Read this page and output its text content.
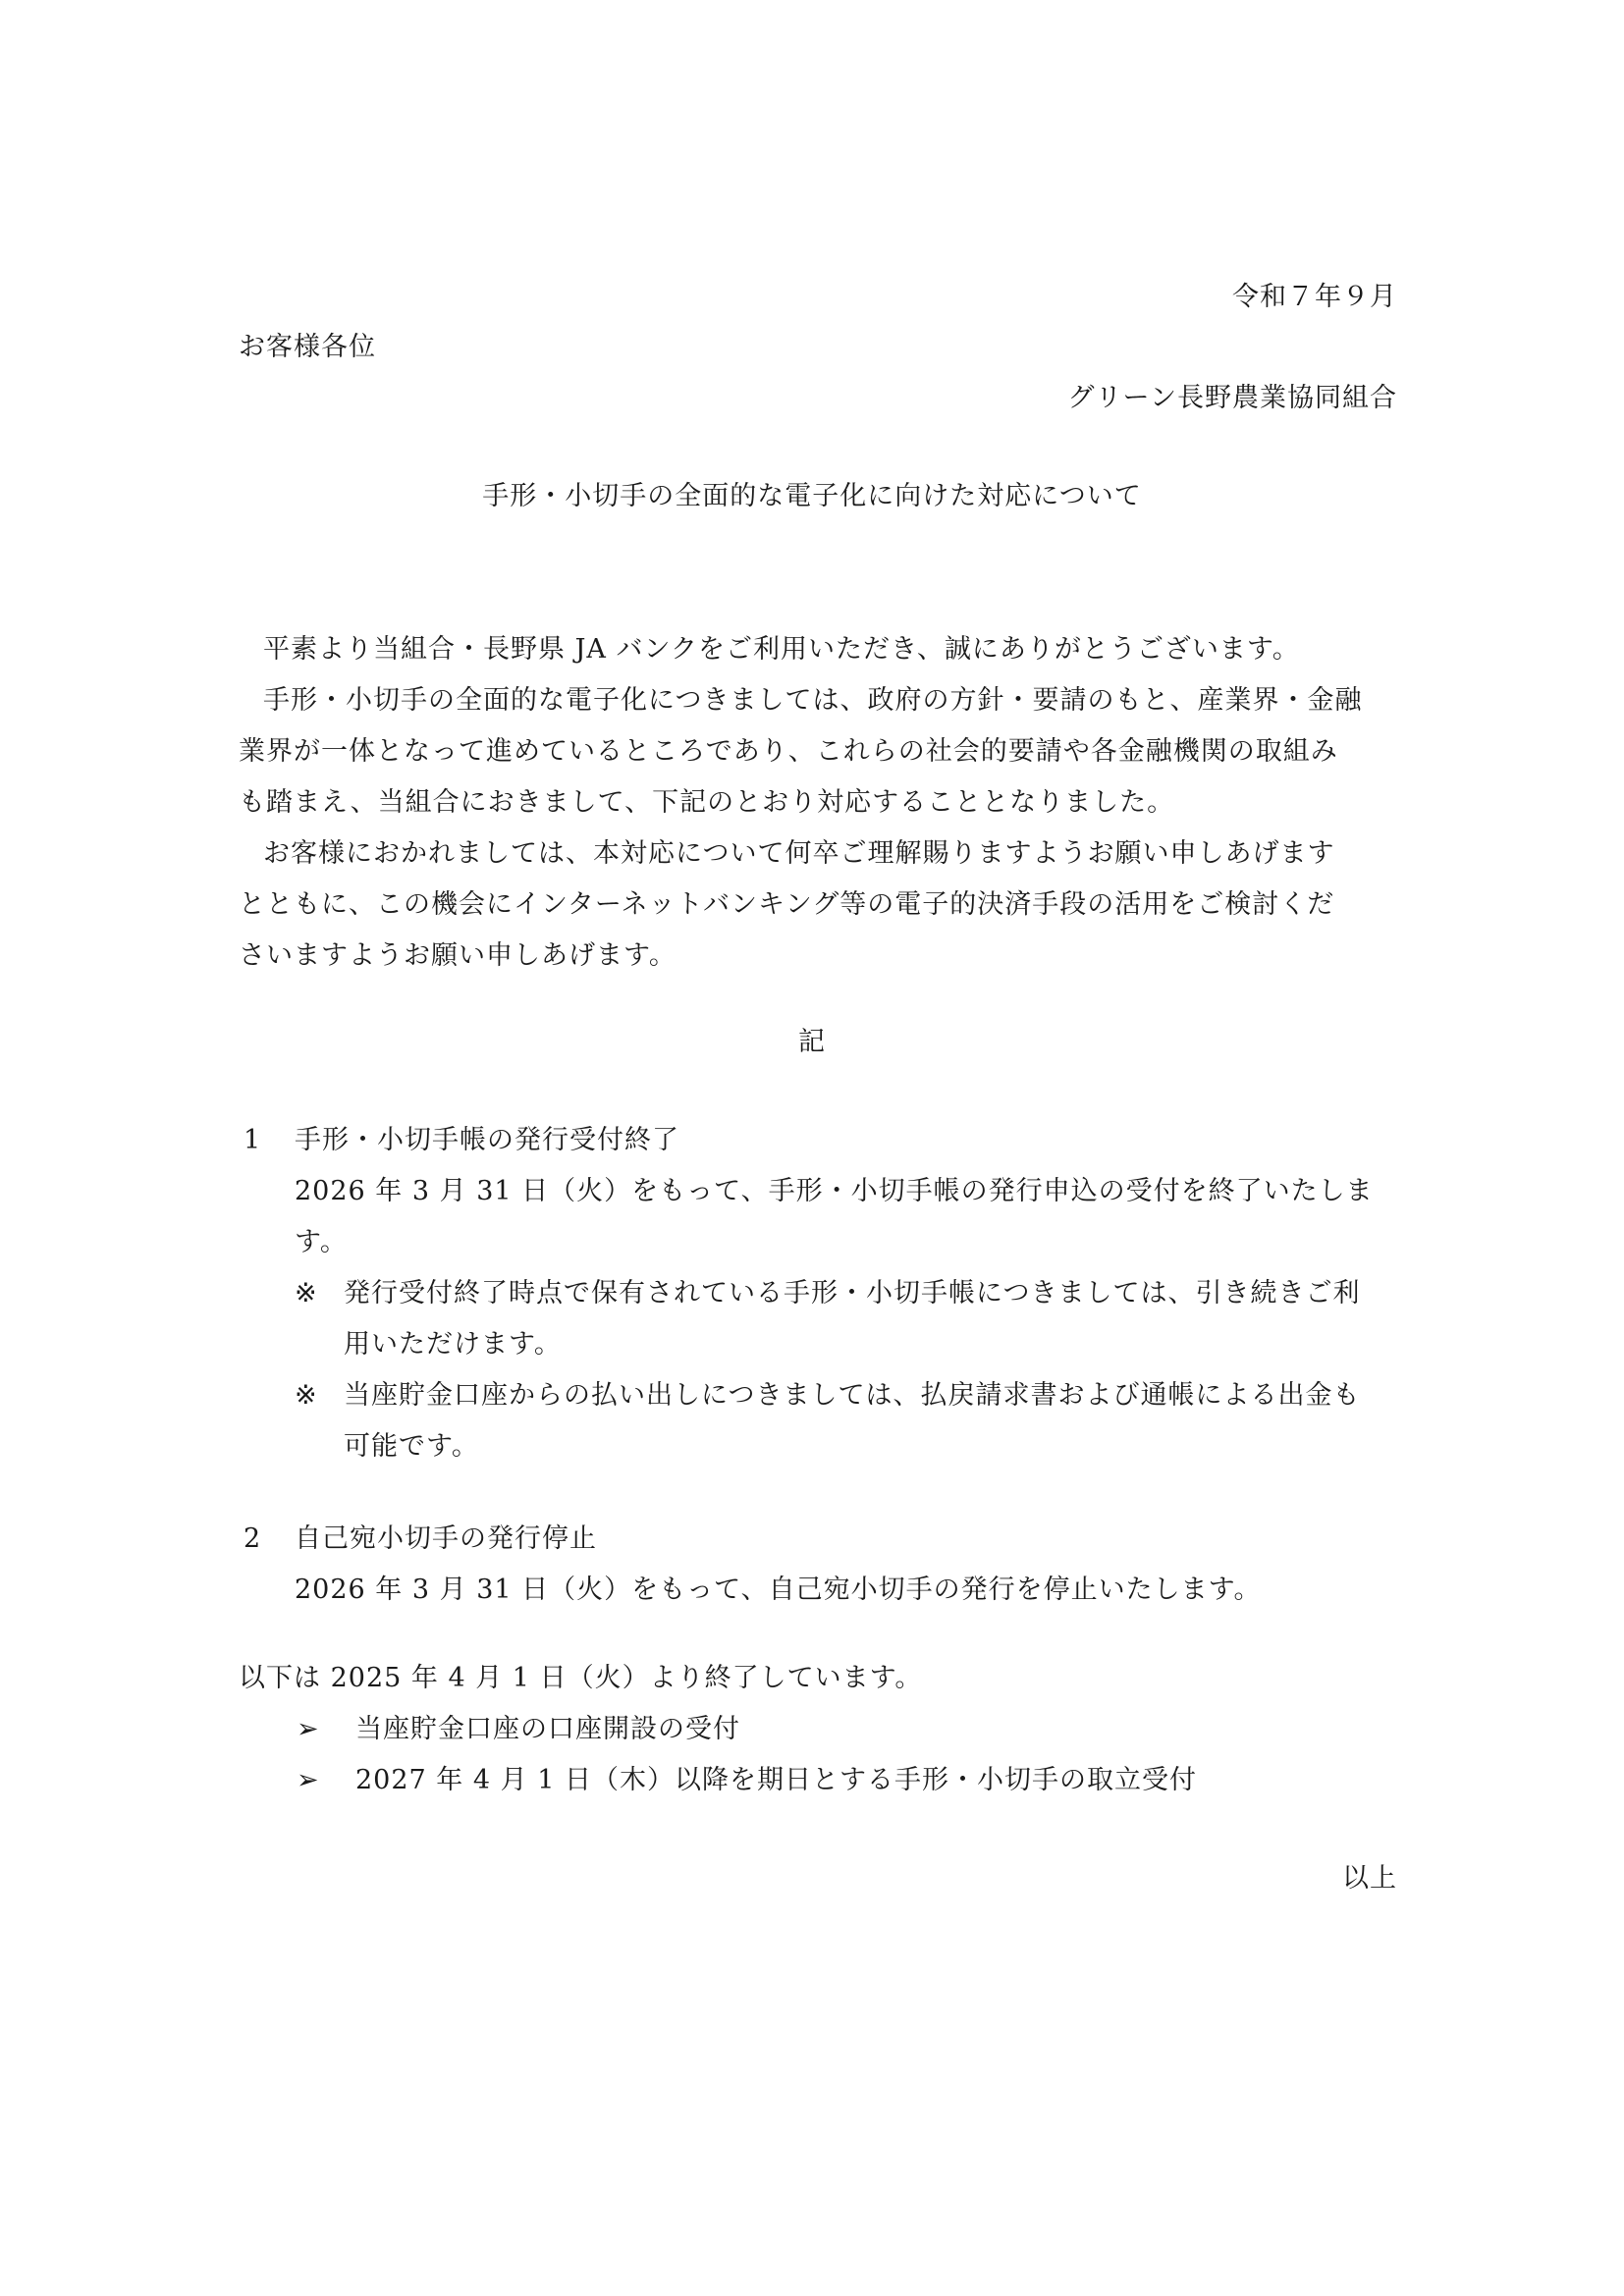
令和７年９月
お客様各位
グリーン長野農業協同組合
手形・小切手の全面的な電子化に向けた対応について
平素より当組合・長野県 JA バンクをご利用いただき、誠にありがとうございます。
手形・小切手の全面的な電子化につきましては、政府の方針・要請のもと、産業界・金融
業界が一体となって進めているところであり、これらの社会的要請や各金融機関の取組み
も踏まえ、当組合におきまして、下記のとおり対応することとなりました。
お客様におかれましては、本対応について何卒ご理解賜りますようお願い申しあげます
とともに、この機会にインターネットバンキング等の電子的決済手段の活用をご検討くだ
さいますようお願い申しあげます。
記
1 手形・小切手帳の発行受付終了
2026 年 3 月 31 日（火）をもって、手形・小切手帳の発行申込の受付を終了いたしま
す。
※ 発行受付終了時点で保有されている手形・小切手帳につきましては、引き続きご利
用いただけます。
※ 当座貯金口座からの払い出しにつきましては、払戻請求書および通帳による出金も
可能です。
2 自己宛小切手の発行停止
2026 年 3 月 31 日（火）をもって、自己宛小切手の発行を停止いたします。
以下は 2025 年 4 月 1 日（火）より終了しています。
➢ 当座貯金口座の口座開設の受付
➢ 2027 年 4 月 1 日（木）以降を期日とする手形・小切手の取立受付
以上
